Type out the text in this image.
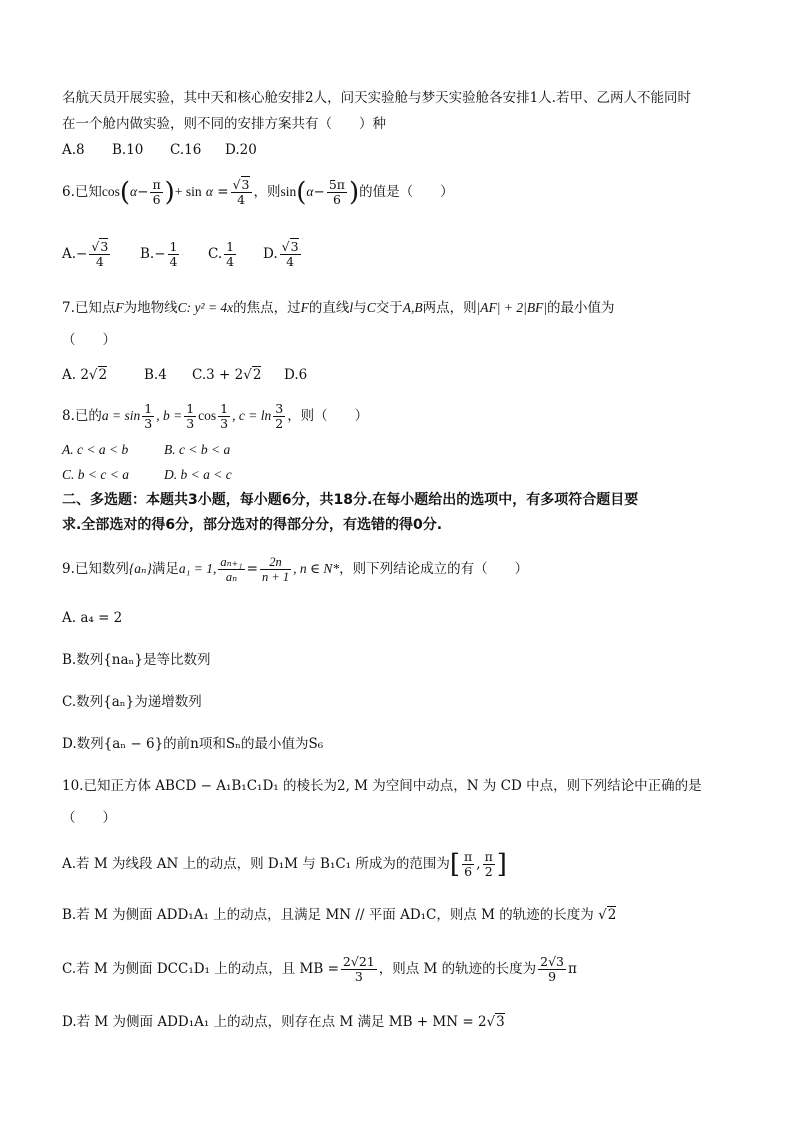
名航天员开展实验，其中天和核心舱安排2人，问天实验舱与梦天实验舱各安排1人.若甲、乙两人不能同时
在一个舱内做实验，则不同的安排方案共有（　　）种
A.8 B.10 C.16 D.20
6.已知$\cos(\alpha- \frac{\pi}{6}$ )+ $\sin \alpha = \frac{√3}{4}$ ，则$\sin(\alpha- \frac{5\pi}{6}$ )的值是（　　）
$A.- \frac{√3}{4} B.- \frac{1}{4} C$. $\frac{1}{4} D$. $\frac{√3}{4}$
7.已知点F为地物线C: y² = 4x的焦点，过F的直线l与C交于A,B两点，则|AF| + 2|BF|的最小值为
（　　）
A. 2√2	B.4 C.3 + 2√2 D.6
8.已的$a = \sin \frac{1}{3}$ , $b = \frac{1}{3}$ $\cos \frac{1}{3}$ , $c = \ln \frac{3}{2}$ ，则（　　）
A. c < a < b	B. c < b < a
C. b < c < a	D. b < a < c
二、多选题：本题共3小题，每小题6分，共18分.在每小题给出的选项中，有多项符合题目要
求.全部选对的得6分，部分选对的得部分分，有选错的得0分.
9.已知数列{aₙ}满足a₁ = 1, $\frac{\text{aₙ₊₁}}{\text{aₙ}} = \frac{2n}{n + 1}$ , n ∈ N*，则下列结论成立的有（　　）
A. a₄ = 2
B.数列{naₙ}是等比数列
C.数列{aₙ}为递增数列
D.数列{aₙ − 6}的前n项和Sₙ的最小值为S₆
10.已知正方体 ABCD − A₁B₁C₁D₁ 的棱长为2, M 为空间中动点，N 为 CD 中点，则下列结论中正确的是
（　　）
A.若 M 为线段 AN 上的动点，则 D₁M 与 B₁C₁ 所成为的范围为[ $\frac{\pi}{6}$ , $\frac{\pi}{2}$ ]
B.若 M 为侧面 ADD₁A₁ 上的动点，且满足 MN // 平面 AD₁C，则点 M 的轨迹的长度为 √2
C.若 M 为侧面 DCC₁D₁ 上的动点，且 MB = $\frac{2√21}{3}$ ，则点 M 的轨迹的长度为 $\frac{2√3}{9}$ π
D.若 M 为侧面 ADD₁A₁ 上的动点，则存在点 M 满足 MB + MN = 2√3
